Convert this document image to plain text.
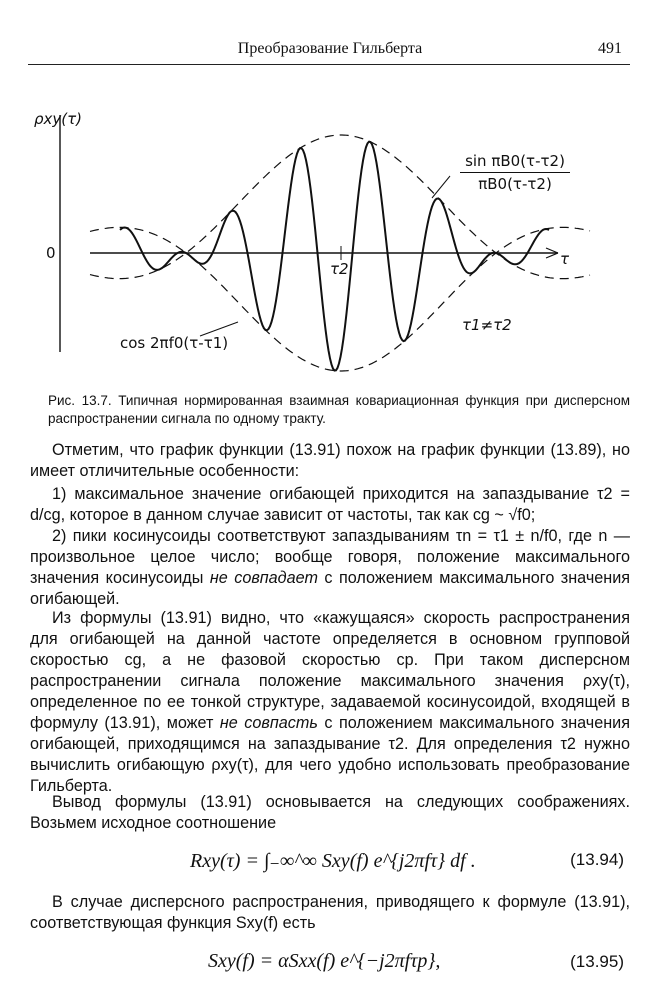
Преобразование Гильберта	491
ρxy(τ)
0	τ
τ2
$\frac{\text{sin πB0(τ-τ2)}}{\pi B0(\tau-\tau 2)}$
cos 2πf0(τ-τ1)
τ1≠τ2
Рис. 13.7. Типичная нормированная взаимная ковариационная функция при дисперсном распространении сигнала по одному тракту.

Отметим, что график функции (13.91) похож на график функции (13.89), но имеет отличительные особенности:

1) максимальное значение огибающей приходится на запаздывание τ2 = d/cg, которое в данном случае зависит от частоты, так как cg ~ √f0;

2) пики косинусоиды соответствуют запаздываниям τn = τ1 ± n/f0, где n — произвольное целое число; вообще говоря, положение максимального значения косинусоиды не совпадает с положением максимального значения огибающей.

Из формулы (13.91) видно, что «кажущаяся» скорость распространения для огибающей на данной частоте определяется в основном групповой скоростью cg, а не фазовой скоростью cp. При таком дисперсном распространении сигнала положение максимального значения ρxy(τ), определенное по ее тонкой структуре, задаваемой косинусоидой, входящей в формулу (13.91), может не совпасть с положением максимального значения огибающей, приходящимся на запаздывание τ2. Для определения τ2 нужно вычислить огибающую ρxy(τ), для чего удобно использовать преобразование Гильберта.

Вывод формулы (13.91) основывается на следующих соображениях. Возьмем исходное соотношение

Rxy(τ) = ∫₋∞^∞ Sxy(f) e^{j2πfτ} df .	(13.94)

В случае дисперсного распространения, приводящего к формуле (13.91), соответствующая функция Sxy(f) есть

Sxy(f) = αSxx(f) e^{−j2πfτp},	(13.95)
